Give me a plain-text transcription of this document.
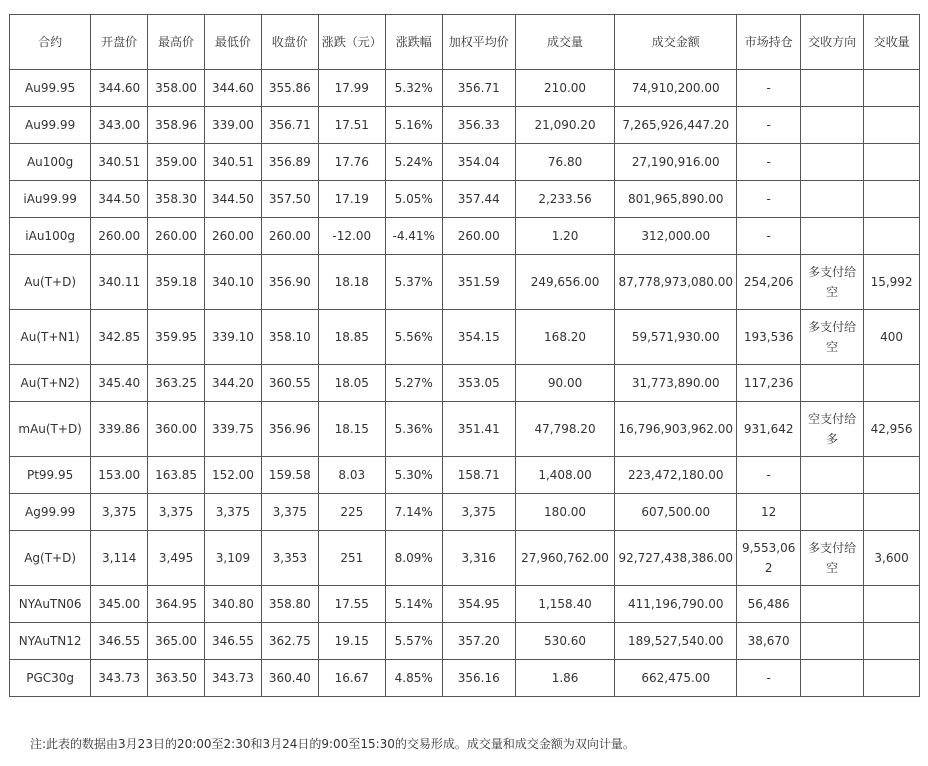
合约	开盘价	最高价	最低价	收盘价	涨跌（元）	涨跌幅	加权平均价	成交量	成交金额	市场持仓	交收方向	交收量
Au99.95	344.60	358.00	344.60	355.86	17.99	5.32%	356.71	210.00	74,910,200.00	-		
Au99.99	343.00	358.96	339.00	356.71	17.51	5.16%	356.33	21,090.20	7,265,926,447.20	-		
Au100g	340.51	359.00	340.51	356.89	17.76	5.24%	354.04	76.80	27,190,916.00	-		
iAu99.99	344.50	358.30	344.50	357.50	17.19	5.05%	357.44	2,233.56	801,965,890.00	-		
iAu100g	260.00	260.00	260.00	260.00	-12.00	-4.41%	260.00	1.20	312,000.00	-		
Au(T+D)	340.11	359.18	340.10	356.90	18.18	5.37%	351.59	249,656.00	87,778,973,080.00	254,206	多支付给空	15,992
Au(T+N1)	342.85	359.95	339.10	358.10	18.85	5.56%	354.15	168.20	59,571,930.00	193,536	多支付给空	400
Au(T+N2)	345.40	363.25	344.20	360.55	18.05	5.27%	353.05	90.00	31,773,890.00	117,236		
mAu(T+D)	339.86	360.00	339.75	356.96	18.15	5.36%	351.41	47,798.20	16,796,903,962.00	931,642	空支付给多	42,956
Pt99.95	153.00	163.85	152.00	159.58	8.03	5.30%	158.71	1,408.00	223,472,180.00	-		
Ag99.99	3,375	3,375	3,375	3,375	225	7.14%	3,375	180.00	607,500.00	12		
Ag(T+D)	3,114	3,495	3,109	3,353	251	8.09%	3,316	27,960,762.00	92,727,438,386.00	9,553,062	多支付给空	3,600
NYAuTN06	345.00	364.95	340.80	358.80	17.55	5.14%	354.95	1,158.40	411,196,790.00	56,486		
NYAuTN12	346.55	365.00	346.55	362.75	19.15	5.57%	357.20	530.60	189,527,540.00	38,670		
PGC30g	343.73	363.50	343.73	360.40	16.67	4.85%	356.16	1.86	662,475.00	-		
注:此表的数据由3月23日的20:00至2:30和3月24日的9:00至15:30的交易形成。成交量和成交金额为双向计量。
